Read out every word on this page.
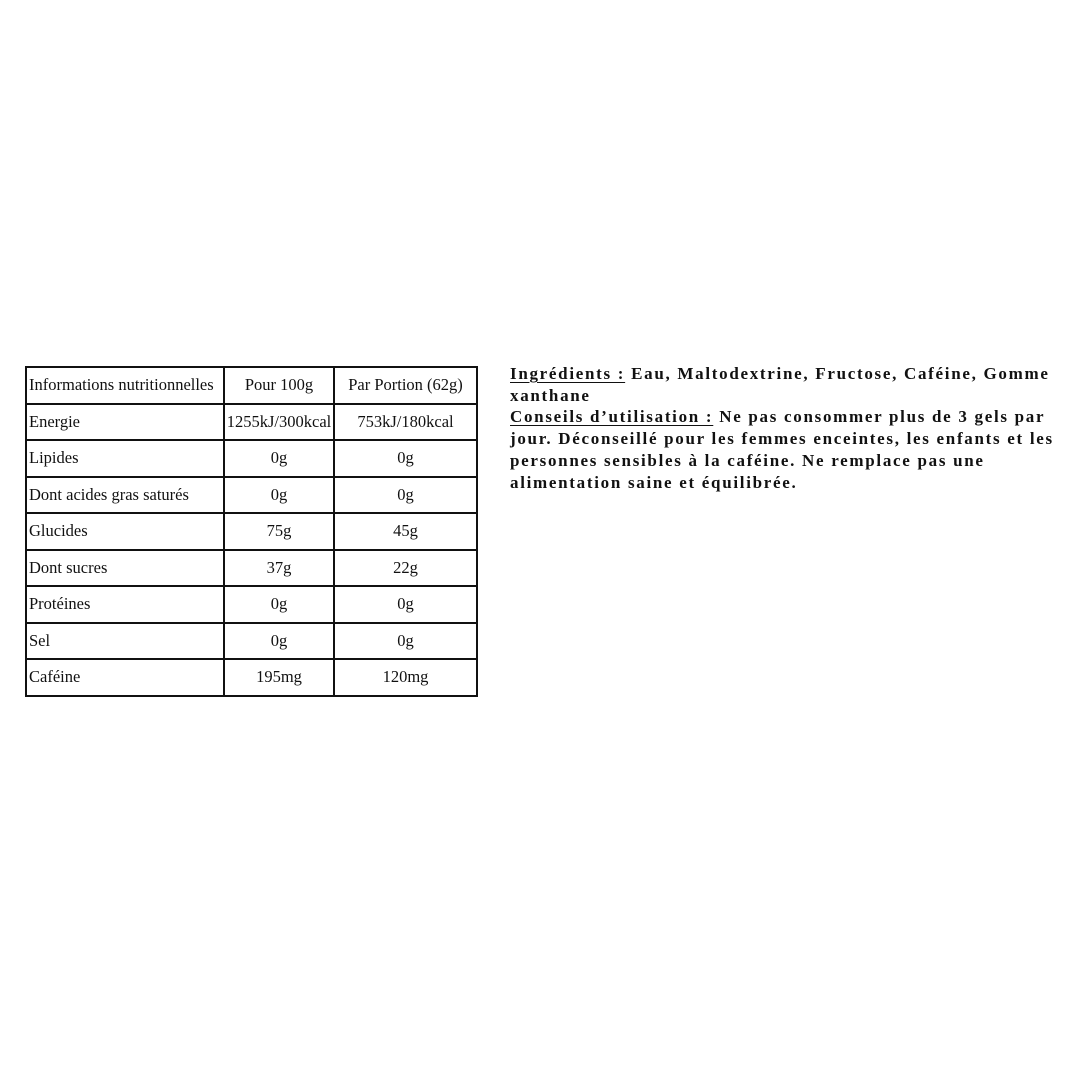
Informations nutritionnelles	Pour 100g	Par Portion (62g)
Energie	1255kJ/300kcal	753kJ/180kcal
Lipides	0g	0g
Dont acides gras saturés	0g	0g
Glucides	75g	45g
Dont sucres	37g	22g
Protéines	0g	0g
Sel	0g	0g
Caféine	195mg	120mg

Ingrédients : Eau, Maltodextrine, Fructose, Caféine, Gomme xanthane

Conseils d’utilisation : Ne pas consommer plus de 3 gels par jour. Déconseillé pour les femmes enceintes, les enfants et les personnes sensibles à la caféine. Ne remplace pas une alimentation saine et équilibrée.
